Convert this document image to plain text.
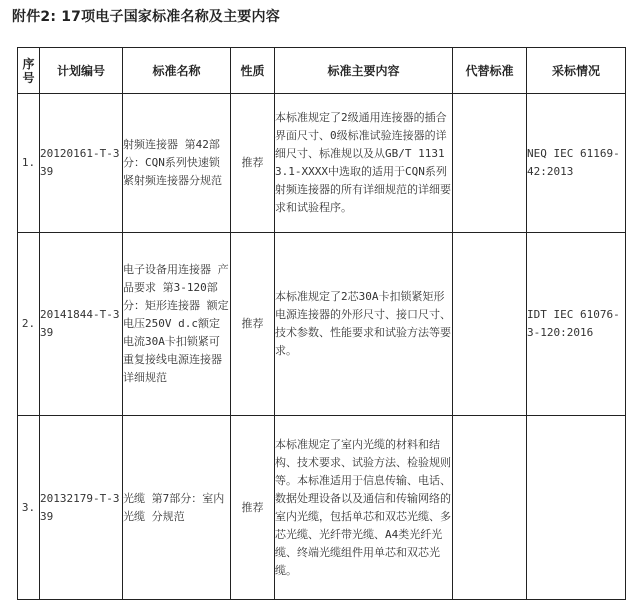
附件2: 17项电子国家标准名称及主要内容
序号	计划编号	标准名称	性质	标准主要内容	代替标准	采标情况
1.	20120161-T-339	射频连接器 第42部分：CQN系列快速锁紧射频连接器分规范	推荐	本标准规定了2级通用连接器的插合界面尺寸、0级标准试验连接器的详细尺寸、标准规以及从GB/T 11313.1-XXXX中选取的适用于CQN系列射频连接器的所有详细规范的详细要求和试验程序。		NEQ IEC 61169-42:2013
2.	20141844-T-339	电子设备用连接器 产品要求 第3-120部分：矩形连接器 额定电压250V d.c额定电流30A卡扣锁紧可重复接线电源连接器详细规范	推荐	本标准规定了2芯30A卡扣锁紧矩形电源连接器的外形尺寸、接口尺寸、技术参数、性能要求和试验方法等要求。		IDT IEC 61076-3-120:2016
3.	20132179-T-339	光缆 第7部分：室内光缆 分规范	推荐	本标准规定了室内光缆的材料和结构、技术要求、试验方法、检验规则等。本标准适用于信息传输、电话、数据处理设备以及通信和传输网络的室内光缆，包括单芯和双芯光缆、多芯光缆、光纤带光缆、A4类光纤光缆、终端光缆组件用单芯和双芯光缆。		
